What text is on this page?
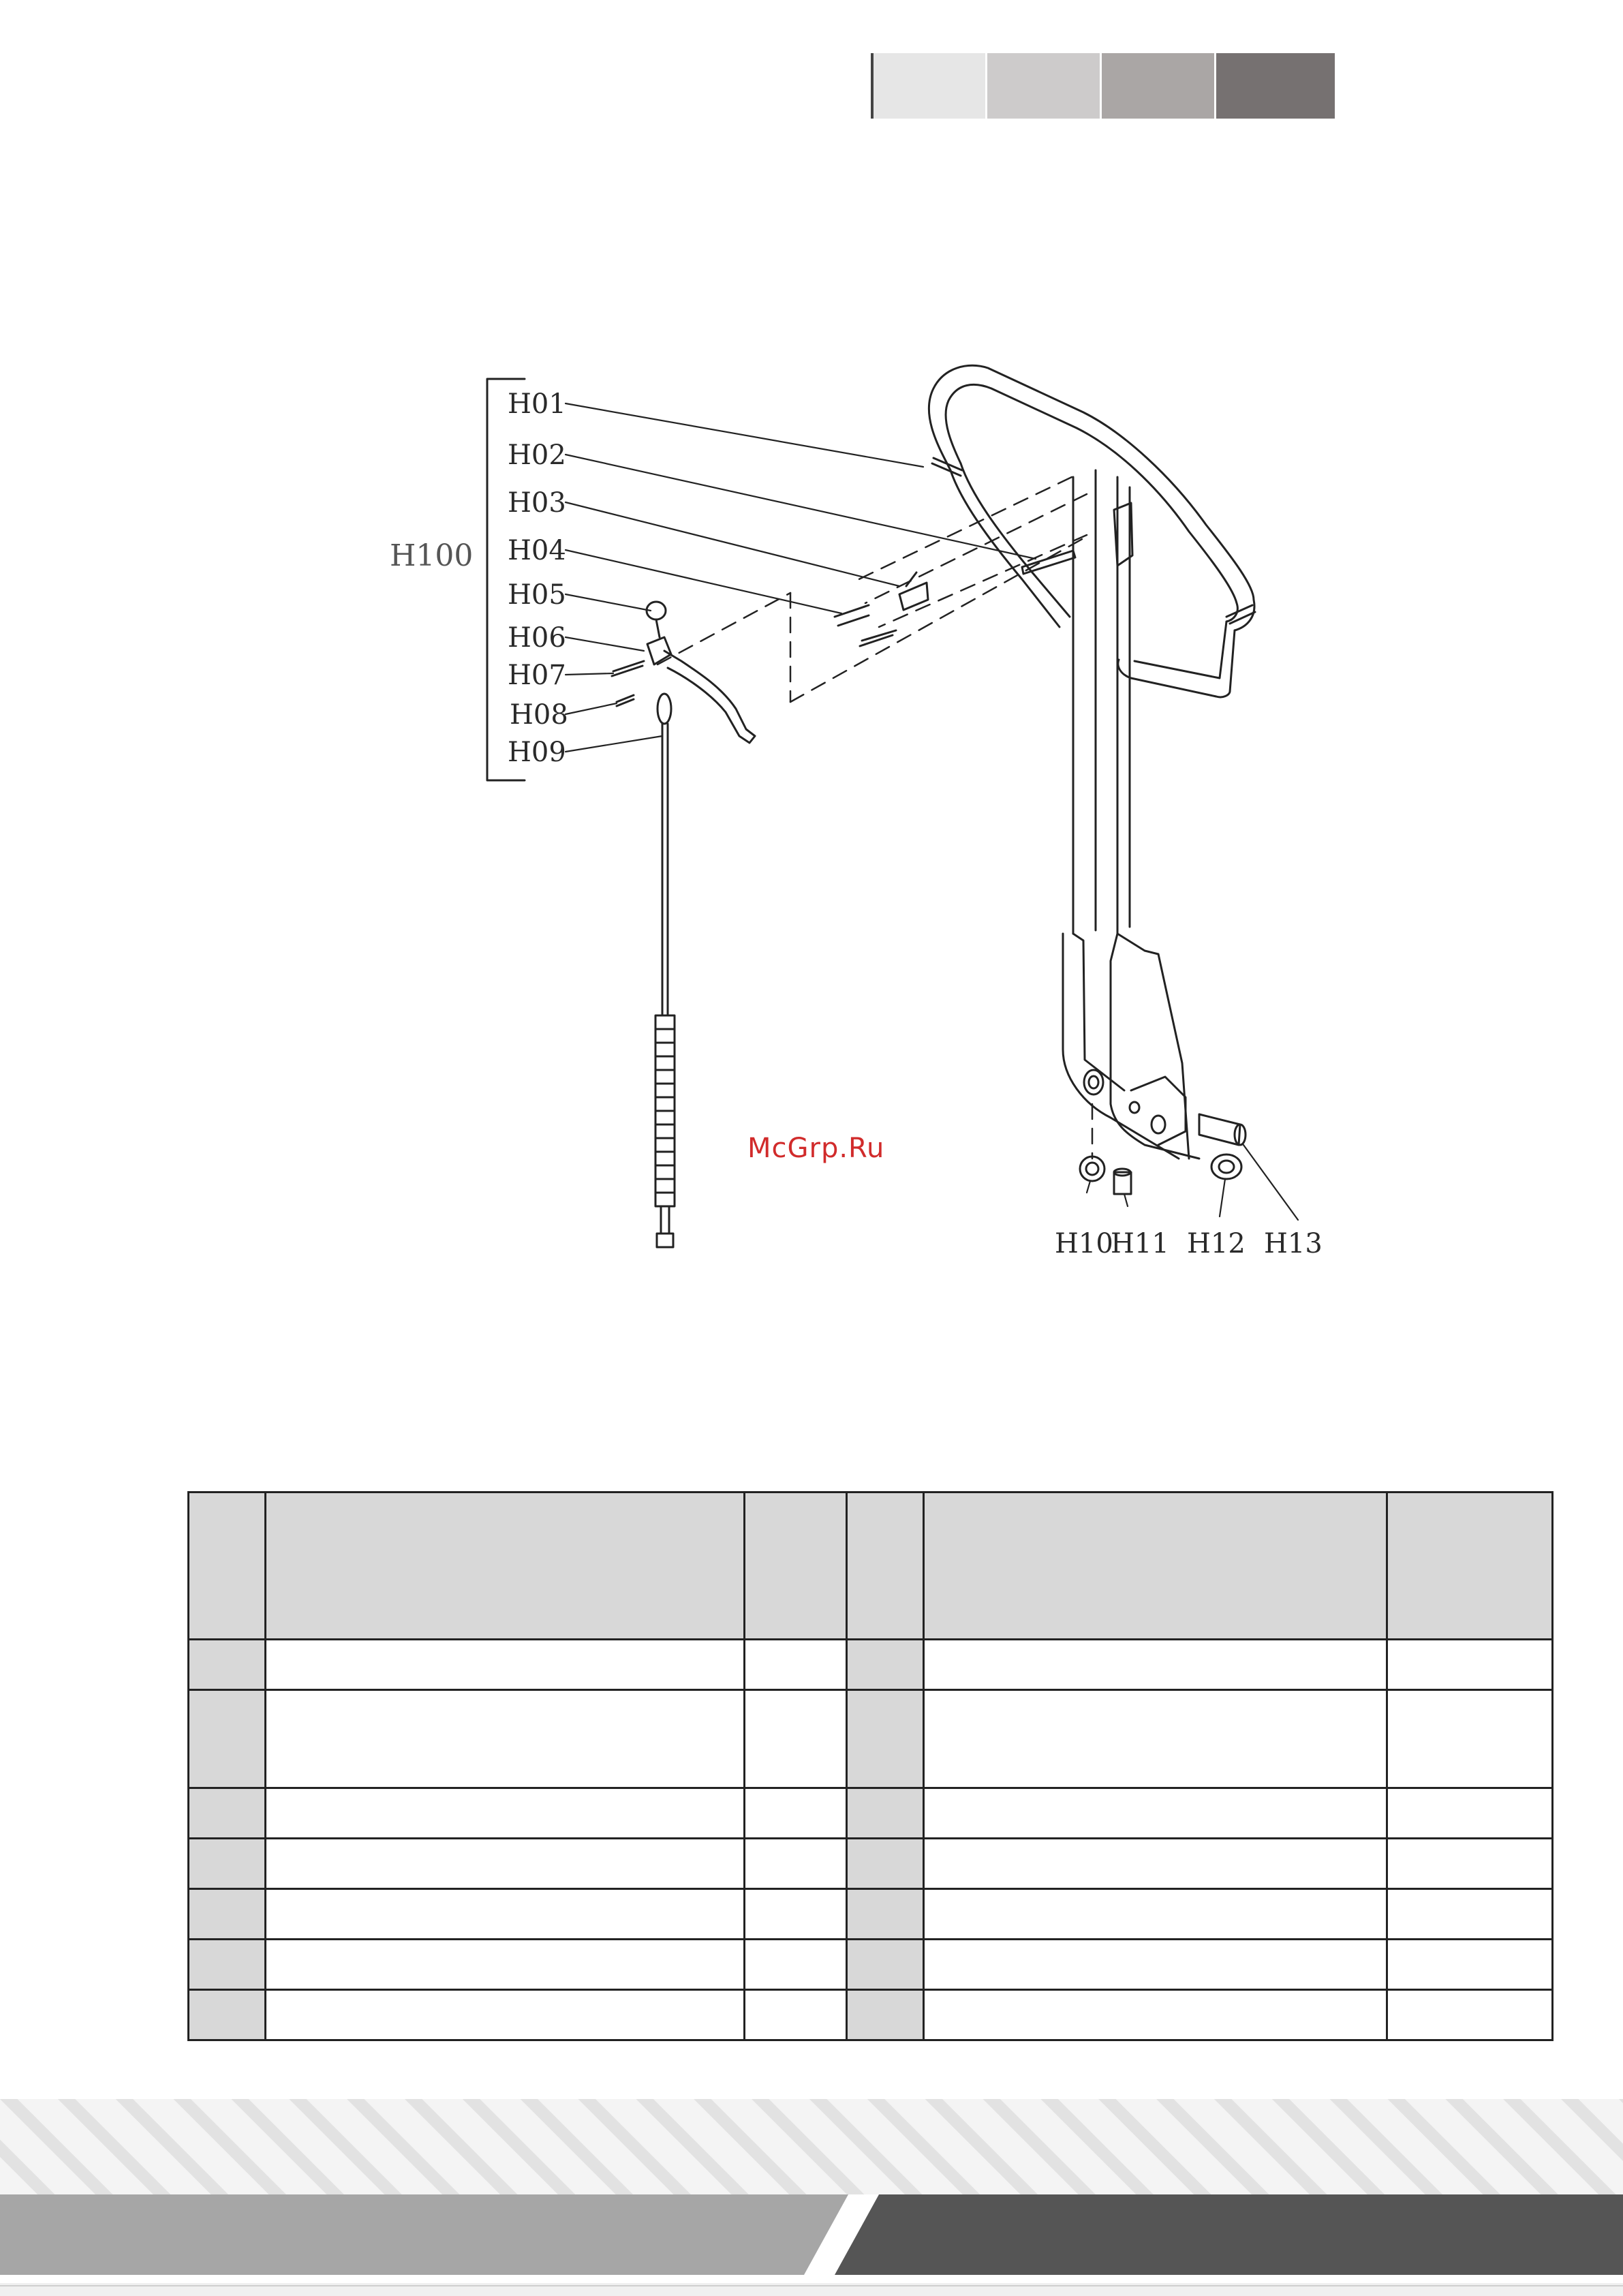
H100
H01
H02
H03
H04
H05
H06
H07
H08
H09
H10
H11 H12 H13
McGrp.Ru
